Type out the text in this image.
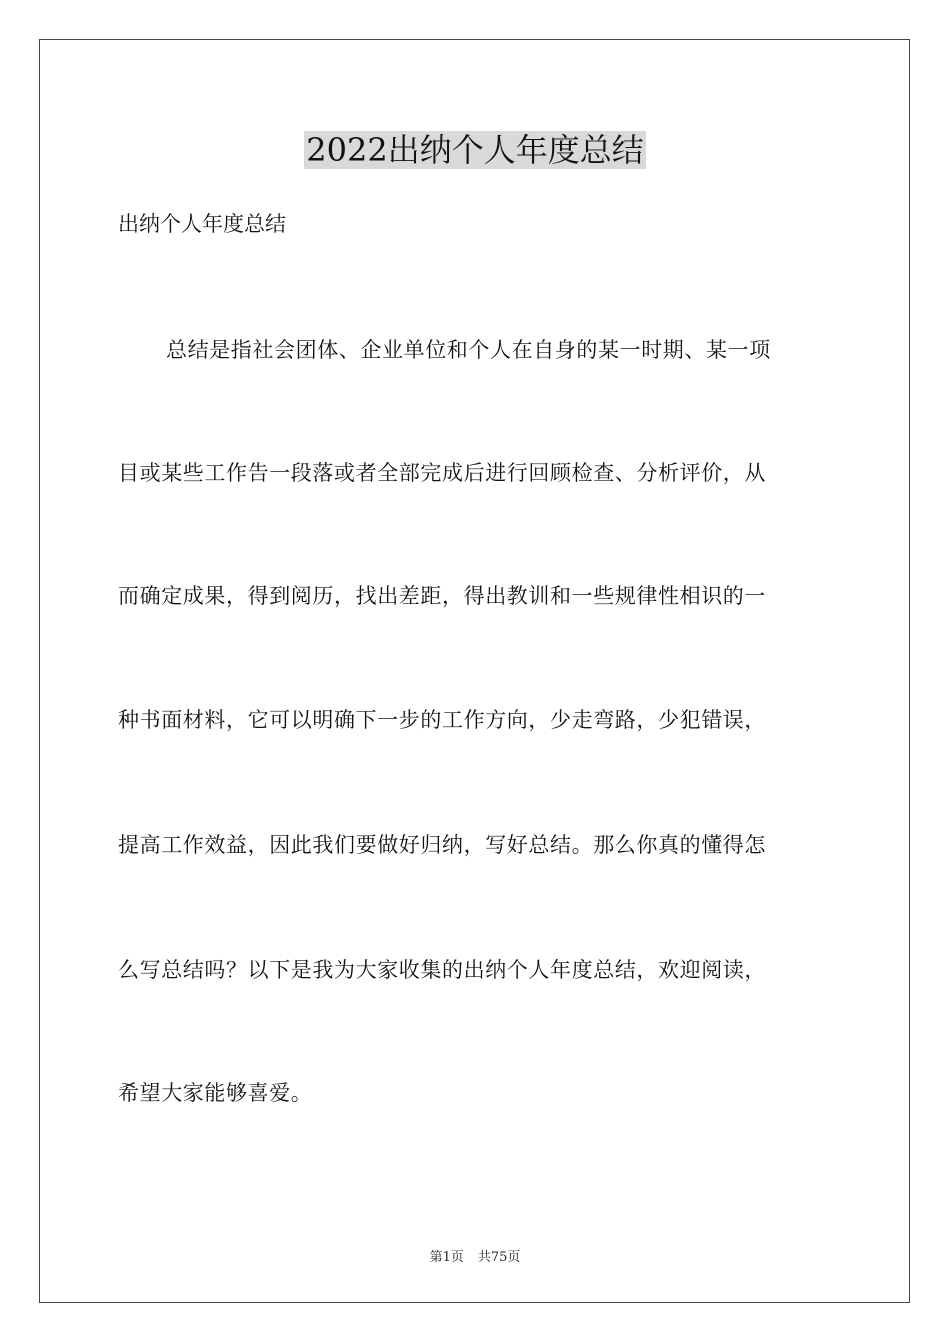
2022出纳个人年度总结

出纳个人年度总结

总结是指社会团体、企业单位和个人在自身的某一时期、某一项

目或某些工作告一段落或者全部完成后进行回顾检查、分析评价，从

而确定成果，得到阅历，找出差距，得出教训和一些规律性相识的一

种书面材料，它可以明确下一步的工作方向，少走弯路，少犯错误，

提高工作效益，因此我们要做好归纳，写好总结。那么你真的懂得怎

么写总结吗？以下是我为大家收集的出纳个人年度总结，欢迎阅读，

希望大家能够喜爱。

第1页 共75页
